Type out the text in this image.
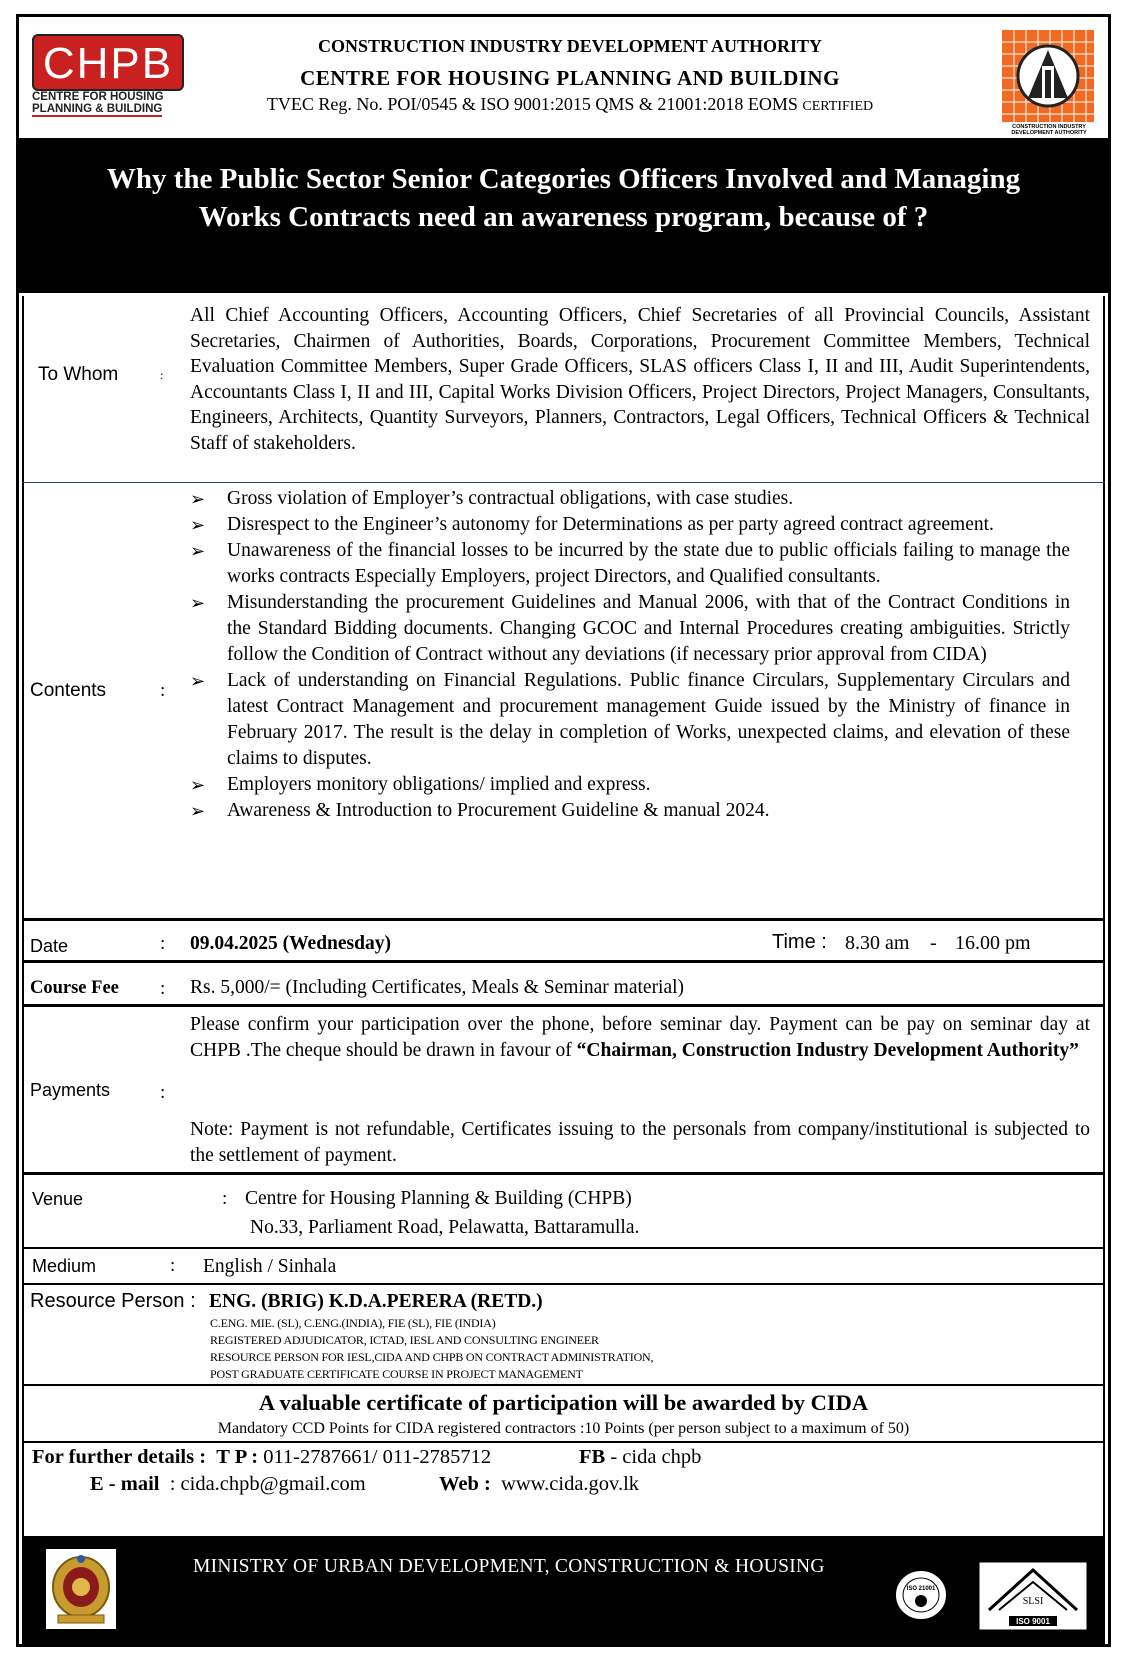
CHPB
CENTRE FOR HOUSING
PLANNING & BUILDING
CONSTRUCTION INDUSTRY DEVELOPMENT AUTHORITY
CENTRE FOR HOUSING PLANNING AND BUILDING
TVEC Reg. No. POI/0545 & ISO 9001:2015 QMS & 21001:2018 EOMS CERTIFIED
CONSTRUCTION INDUSTRY
DEVELOPMENT AUTHORITY
Why the Public Sector Senior Categories Officers Involved and Managing
Works Contracts need an awareness program, because of ?
To Whom	:
All Chief Accounting Officers, Accounting Officers, Chief Secretaries of all Provincial Councils, Assistant Secretaries, Chairmen of Authorities, Boards, Corporations, Procurement Committee Members, Technical Evaluation Committee Members, Super Grade Officers, SLAS officers Class I, II and III, Audit Superintendents, Accountants Class I, II and III, Capital Works Division Officers, Project Directors, Project Managers, Consultants, Engineers, Architects, Quantity Surveyors, Planners, Contractors, Legal Officers, Technical Officers & Technical Staff of stakeholders.
Contents	:
➢ Gross violation of Employer’s contractual obligations, with case studies.
➢ Disrespect to the Engineer’s autonomy for Determinations as per party agreed contract agreement.
➢ Unawareness of the financial losses to be incurred by the state due to public officials failing to manage the works contracts Especially Employers, project Directors, and Qualified consultants.
➢ Misunderstanding the procurement Guidelines and Manual 2006, with that of the Contract Conditions in the Standard Bidding documents. Changing GCOC and Internal Procedures creating ambiguities. Strictly follow the Condition of Contract without any deviations (if necessary prior approval from CIDA)
➢ Lack of understanding on Financial Regulations. Public finance Circulars, Supplementary Circulars and latest Contract Management and procurement management Guide issued by the Ministry of finance in February 2017. The result is the delay in completion of Works, unexpected claims, and elevation of these claims to disputes.
➢ Employers monitory obligations/ implied and express.
➢ Awareness & Introduction to Procurement Guideline & manual 2024.
Date	: 09.04.2025 (Wednesday)	Time : 8.30 am - 16.00 pm
Course Fee : Rs. 5,000/= (Including Certificates, Meals & Seminar material)
Payments	:
Please confirm your participation over the phone, before seminar day. Payment can be pay on seminar day at CHPB .The cheque should be drawn in favour of “Chairman, Construction Industry Development Authority”
Note: Payment is not refundable, Certificates issuing to the personals from company/institutional is subjected to the settlement of payment.
Venue	: Centre for Housing Planning & Building (CHPB)
No.33, Parliament Road, Pelawatta, Battaramulla.
Medium	: English / Sinhala
Resource Person : ENG. (BRIG) K.D.A.PERERA (RETD.)
C.ENG. MIE. (SL), C.ENG.(INDIA), FIE (SL), FIE (INDIA)
REGISTERED ADJUDICATOR, ICTAD, IESL AND CONSULTING ENGINEER
RESOURCE PERSON FOR IESL,CIDA AND CHPB ON CONTRACT ADMINISTRATION,
POST GRADUATE CERTIFICATE COURSE IN PROJECT MANAGEMENT
A valuable certificate of participation will be awarded by CIDA
Mandatory CCD Points for CIDA registered contractors :10 Points (per person subject to a maximum of 50)
For further details : T P : 011-2787661/ 011-2785712	FB - cida chpb
E - mail : cida.chpb@gmail.com	Web : www.cida.gov.lk
MINISTRY OF URBAN DEVELOPMENT, CONSTRUCTION & HOUSING
ISO 21001
SLSI
ISO 9001
